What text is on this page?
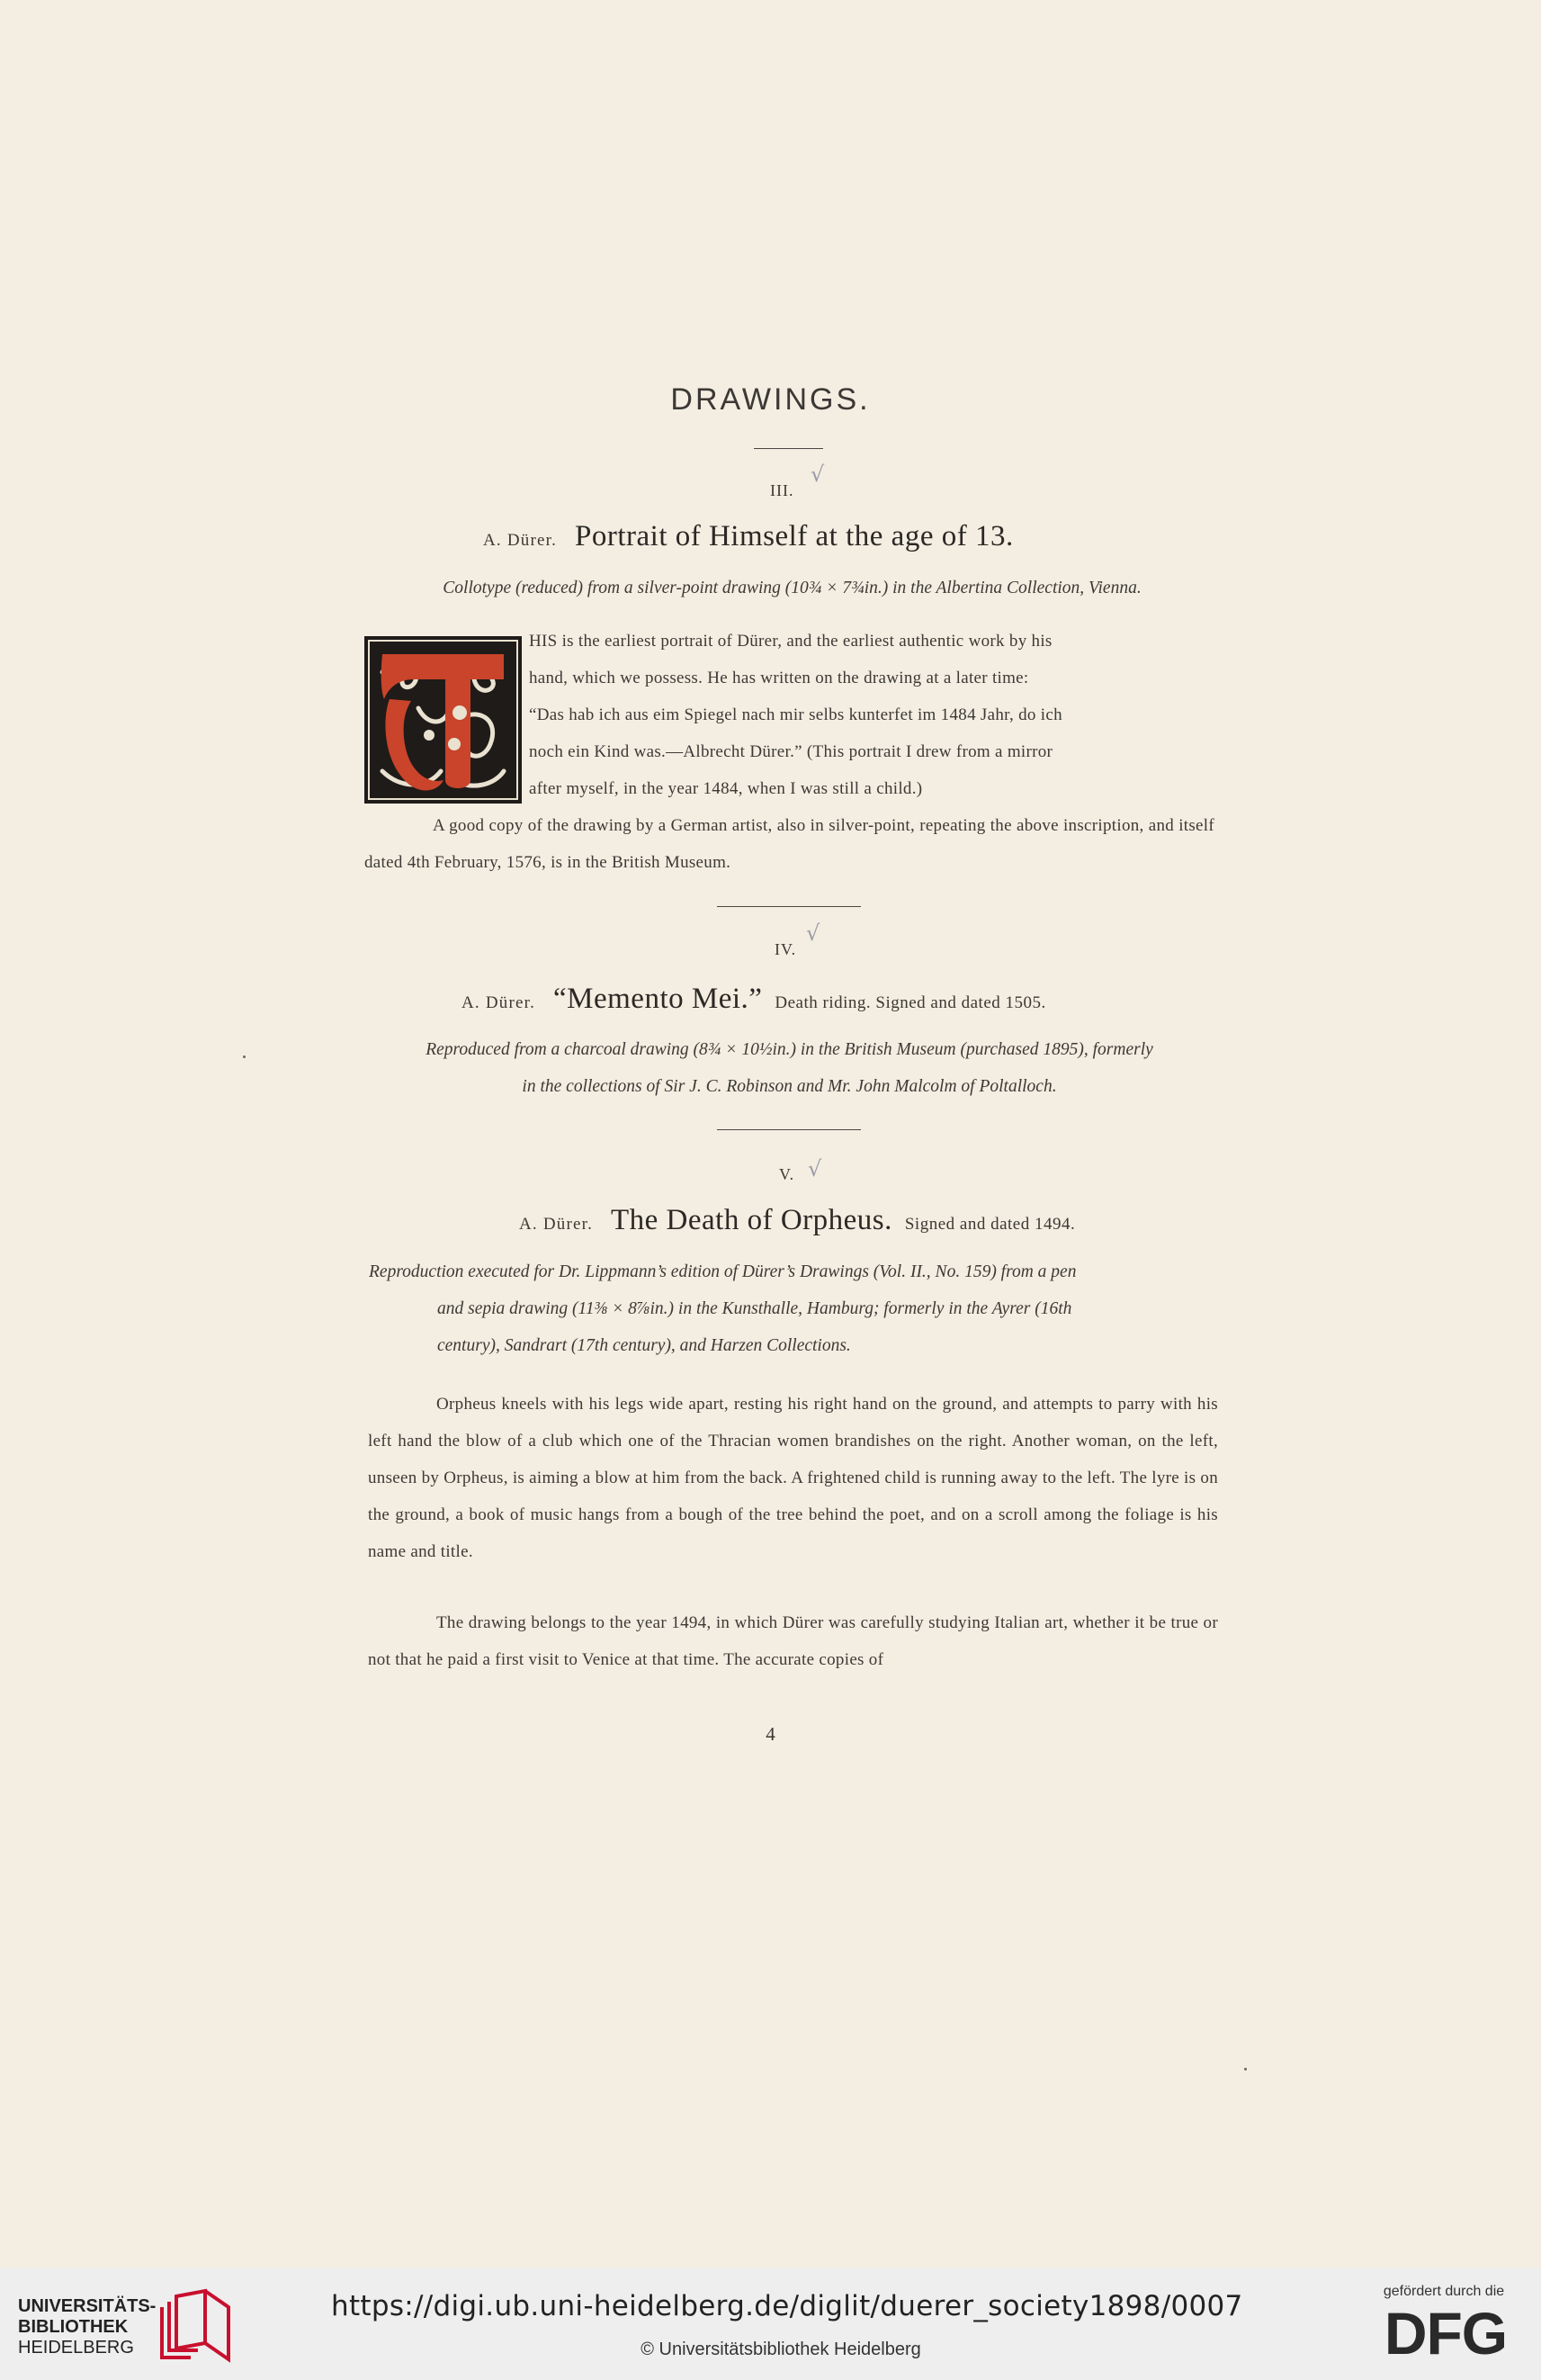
DRAWINGS.
III.
√
A. Dürer. Portrait of Himself at the age of 13.
Collotype (reduced) from a silver-point drawing (10¾ × 7¾in.) in the Albertina Collection, Vienna.
HIS is the earliest portrait of Dürer, and the earliest authentic work by his
hand, which we possess. He has written on the drawing at a later time:
“Das hab ich aus eim Spiegel nach mir selbs kunterfet im 1484 Jahr, do ich
noch ein Kind was.—Albrecht Dürer.” (This portrait I drew from a mirror
after myself, in the year 1484, when I was still a child.)
A good copy of the drawing by a German artist, also in silver-point, repeating the above inscription, and itself dated 4th February, 1576, is in the British Museum.
IV.
√
A. Dürer. “Memento Mei.” Death riding. Signed and dated 1505.
Reproduced from a charcoal drawing (8¾ × 10½in.) in the British Museum (purchased 1895), formerly
in the collections of Sir J. C. Robinson and Mr. John Malcolm of Poltalloch.
V. √
A. Dürer. The Death of Orpheus. Signed and dated 1494.
Reproduction executed for Dr. Lippmann’s edition of Dürer’s Drawings (Vol. II., No. 159) from a pen
and sepia drawing (11⅜ × 8⅞in.) in the Kunsthalle, Hamburg; formerly in the Ayrer (16th
century), Sandrart (17th century), and Harzen Collections.
Orpheus kneels with his legs wide apart, resting his right hand on the ground, and attempts to parry with his left hand the blow of a club which one of the Thracian women brandishes on the right. Another woman, on the left, unseen by Orpheus, is aiming a blow at him from the back. A frightened child is running away to the left. The lyre is on the ground, a book of music hangs from a bough of the tree behind the poet, and on a scroll among the foliage is his name and title.
The drawing belongs to the year 1494, in which Dürer was carefully studying Italian art, whether it be true or not that he paid a first visit to Venice at that time. The accurate copies of
4
UNIVERSITÄTS-
BIBLIOTHEK
HEIDELBERG
https://digi.ub.uni-heidelberg.de/diglit/duerer_society1898/0007
© Universitätsbibliothek Heidelberg
gefördert durch die
DFG
